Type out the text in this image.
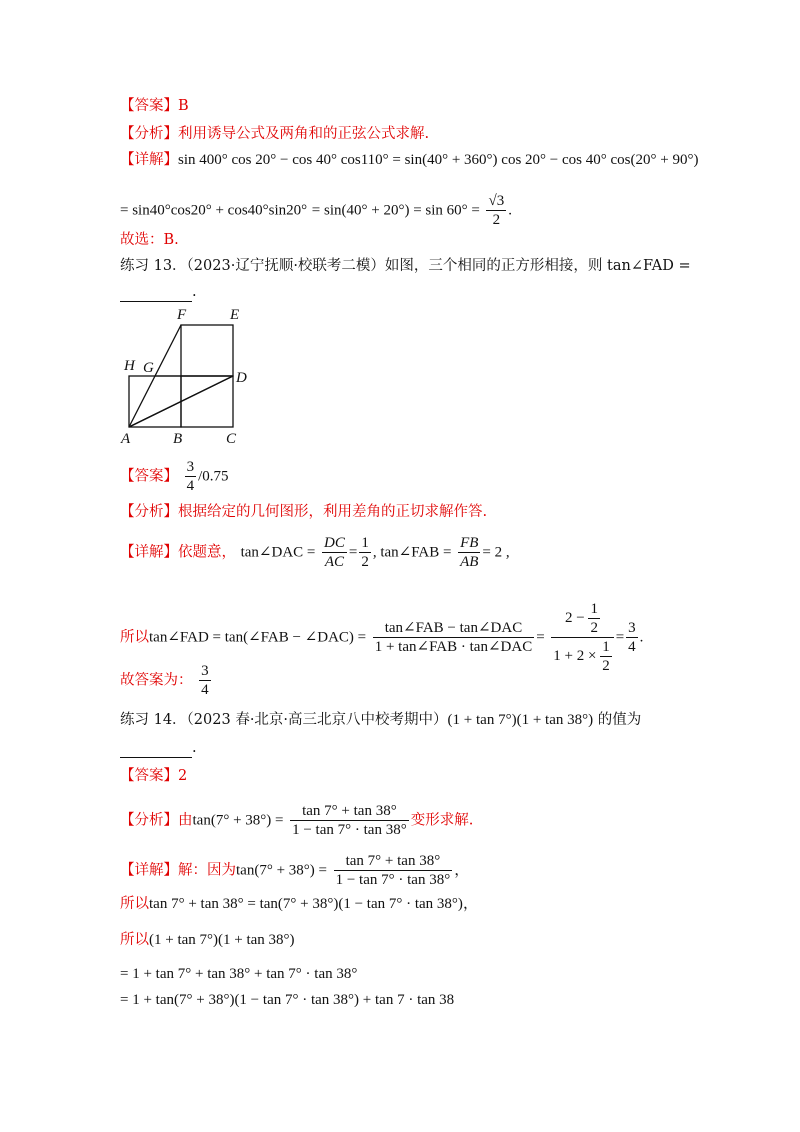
【答案】B
【分析】利用诱导公式及两角和的正弦公式求解.
【详解】sin 400° cos 20° − cos 40° cos110° = sin(40° + 360°) cos 20° − cos 40° cos(20° + 90°)
= $\sin 40^\circ\cos 20^\circ + \cos 40^\circ\sin 20^\circ = \sin(40^\circ + 20^\circ) = \sin 60^\circ = \frac{√3}{2}$ .
故选：B.
练习 13．（2023·辽宁抚顺·校联考二模）如图，三个相同的正方形相接，则 tan∠FAD =
.
F	E
H G
D
A	B	C
【答案】 $\frac{3}{4} /0.75$
【分析】根据给定的几何图形，利用差角的正切求解作答.
【详解】依题意， tan∠DAC = $\frac{DC}{AC} = \frac{1}{2}$ , tan∠FAB = $\frac{FB}{AB} = 2$ ,
所以tan∠FAD = tan(∠FAB − ∠DAC) = $\frac{\text{tan∠FAB − tan∠DAC}}{\text{1 + tan∠FAB · tan∠DAC}} = \frac{2 - \frac{1}{2}}{1 + 2 \times \frac{1}{2}} = \frac{3}{4}$ .
故答案为： $\frac{3}{4}$
练习 14．（2023 春·北京·高三北京八中校考期中）(1 + tan 7°)(1 + tan 38°) 的值为
.
【答案】2
【分析】由$\tan(7^\circ + 38^\circ) = \frac{\tan 7^\circ + \tan 38^\circ}{1 - \tan 7^\circ \cdot \tan 38^\circ}$ 变形求解.
【详解】解：因为$\tan(7^\circ + 38^\circ) = \frac{\tan 7^\circ + \tan 38^\circ}{1 - \tan 7^\circ \cdot \tan 38^\circ}$ ，
所以tan 7° + tan 38° = tan(7° + 38°)(1 − tan 7° · tan 38°)，
所以(1 + tan 7°)(1 + tan 38°)
= 1 + tan 7° + tan 38° + tan 7° · tan 38°
= 1 + tan(7° + 38°)(1 − tan 7° · tan 38°) + tan 7 · tan 38
